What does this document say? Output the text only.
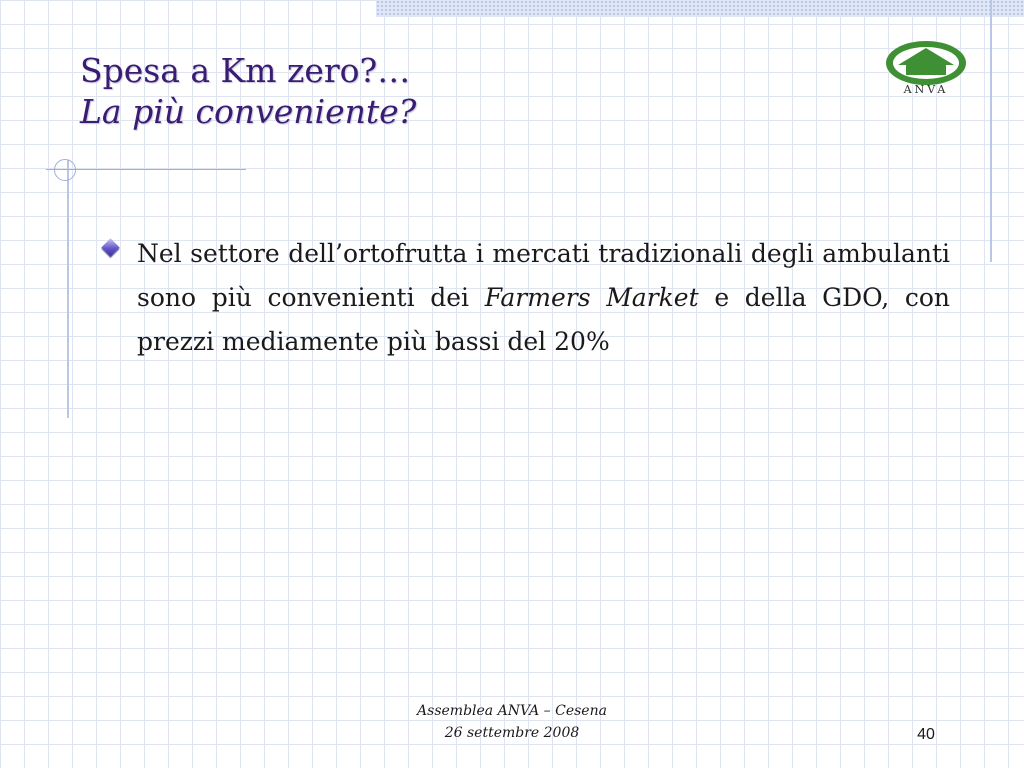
Spesa a Km zero?…
La più conveniente?
ANVA

Nel settore dell’ortofrutta i mercati tradizionali degli ambulanti sono più convenienti dei Farmers Market e della GDO, con prezzi mediamente più bassi del 20%

Assemblea ANVA – Cesena
26 settembre 2008	40
